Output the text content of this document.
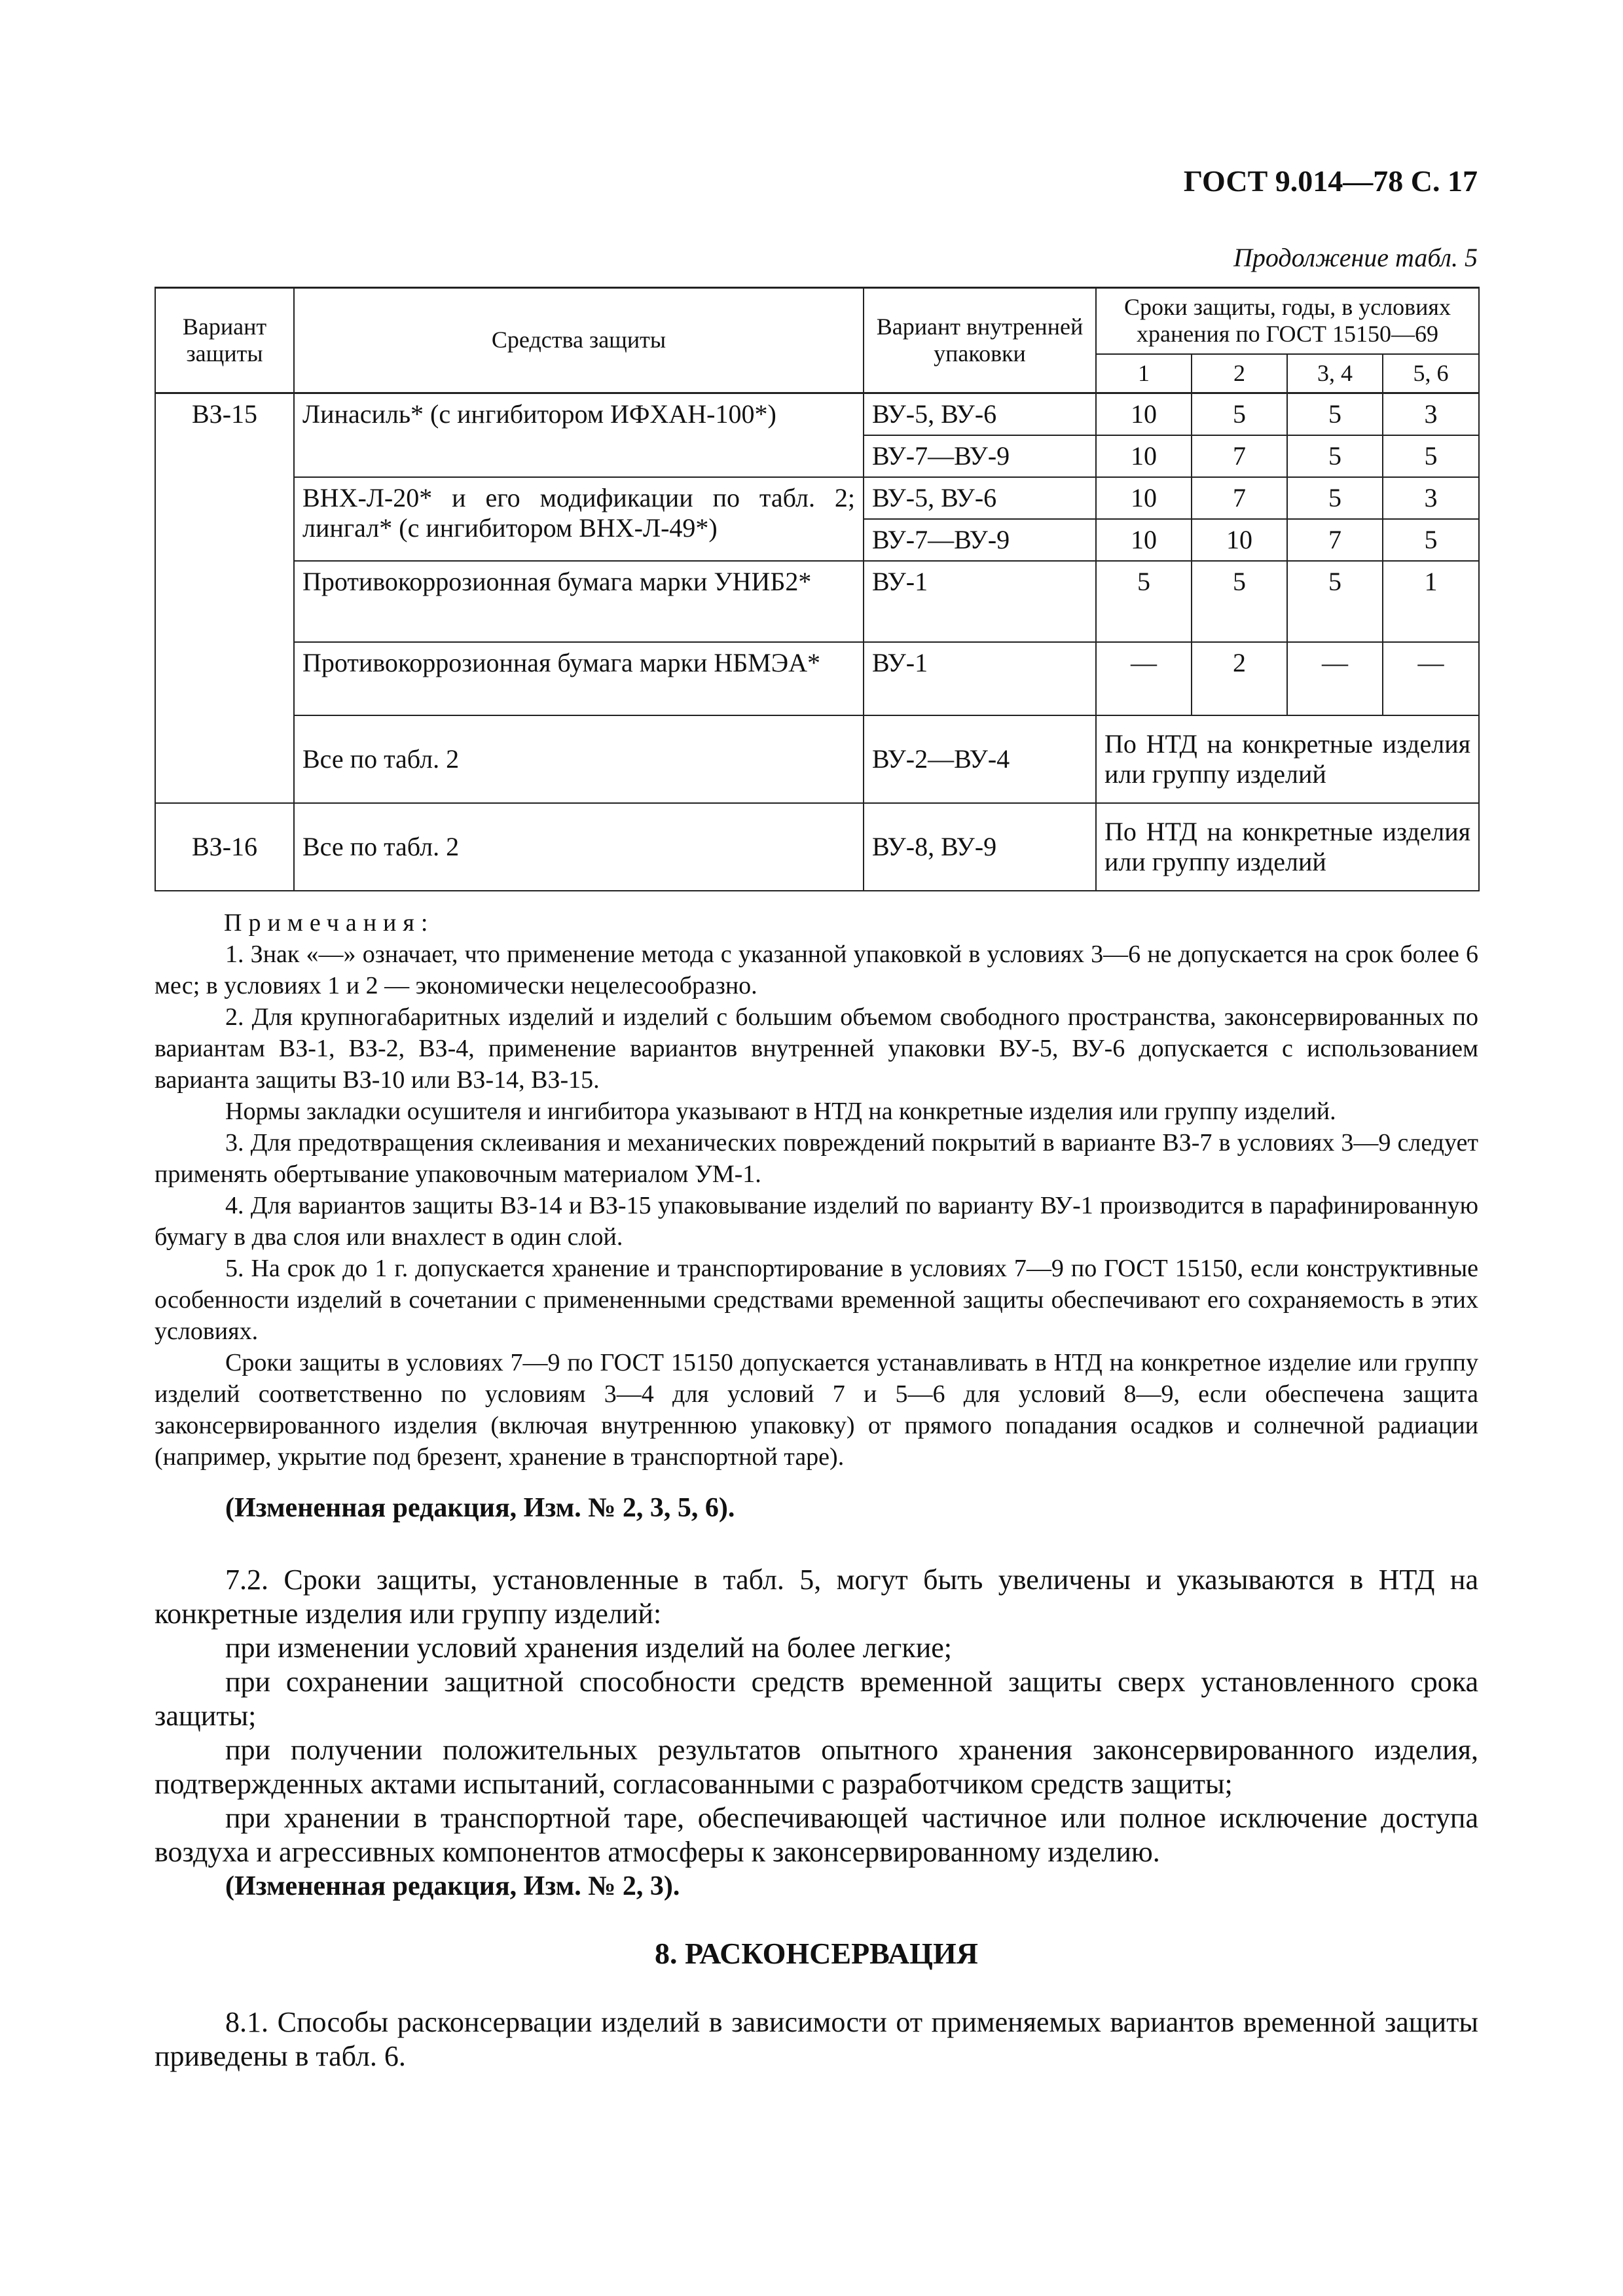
ГОСТ 9.014—78 С. 17
Продолжение табл. 5
Вариант защиты	Средства защиты	Вариант внутренней упаковки	Сроки защиты, годы, в условиях хранения по ГОСТ 15150—69			
			1	2	3, 4	5, 6
ВЗ-15	Линасиль* (с ингибитором ИФХАН-100*)	ВУ-5, ВУ-6	10	5	5	3
		ВУ-7—ВУ-9	10	7	5	5
	ВНХ-Л-20* и его модификации по табл. 2; лингал* (с ингибитором ВНХ-Л-49*)	ВУ-5, ВУ-6	10	7	5	3
		ВУ-7—ВУ-9	10	10	7	5
	Противокоррозионная бумага марки УНИБ2*	ВУ-1	5	5	5	1
	Противокоррозионная бумага марки НБМЭА*	ВУ-1	—	2	—	—
	Все по табл. 2	ВУ-2—ВУ-4	По НТД на конкретные изделия или группу изделий			
ВЗ-16	Все по табл. 2	ВУ-8, ВУ-9	По НТД на конкретные изделия или группу изделий			

Примечания:

1. Знак «—» означает, что применение метода с указанной упаковкой в условиях 3—6 не допускается на срок более 6 мес; в условиях 1 и 2 — экономически нецелесообразно.

2. Для крупногабаритных изделий и изделий с большим объемом свободного пространства, законсервированных по вариантам ВЗ-1, ВЗ-2, ВЗ-4, применение вариантов внутренней упаковки ВУ-5, ВУ-6 допускается с использованием варианта защиты ВЗ-10 или ВЗ-14, ВЗ-15.

Нормы закладки осушителя и ингибитора указывают в НТД на конкретные изделия или группу изделий.

3. Для предотвращения склеивания и механических повреждений покрытий в варианте ВЗ-7 в условиях 3—9 следует применять обертывание упаковочным материалом УМ-1.

4. Для вариантов защиты ВЗ-14 и ВЗ-15 упаковывание изделий по варианту ВУ-1 производится в парафинированную бумагу в два слоя или внахлест в один слой.

5. На срок до 1 г. допускается хранение и транспортирование в условиях 7—9 по ГОСТ 15150, если конструктивные особенности изделий в сочетании с примененными средствами временной защиты обеспечивают его сохраняемость в этих условиях.

Сроки защиты в условиях 7—9 по ГОСТ 15150 допускается устанавливать в НТД на конкретное изделие или группу изделий соответственно по условиям 3—4 для условий 7 и 5—6 для условий 8—9, если обеспечена защита законсервированного изделия (включая внутреннюю упаковку) от прямого попадания осадков и солнечной радиации (например, укрытие под брезент, хранение в транспортной таре).

(Измененная редакция, Изм. № 2, 3, 5, 6).

7.2. Сроки защиты, установленные в табл. 5, могут быть увеличены и указываются в НТД на конкретные изделия или группу изделий:

при изменении условий хранения изделий на более легкие;

при сохранении защитной способности средств временной защиты сверх установленного срока защиты;

при получении положительных результатов опытного хранения законсервированного изделия, подтвержденных актами испытаний, согласованными с разработчиком средств защиты;

при хранении в транспортной таре, обеспечивающей частичное или полное исключение доступа воздуха и агрессивных компонентов атмосферы к законсервированному изделию.

(Измененная редакция, Изм. № 2, 3).

8. РАСКОНСЕРВАЦИЯ

8.1. Способы расконсервации изделий в зависимости от применяемых вариантов временной защиты приведены в табл. 6.
